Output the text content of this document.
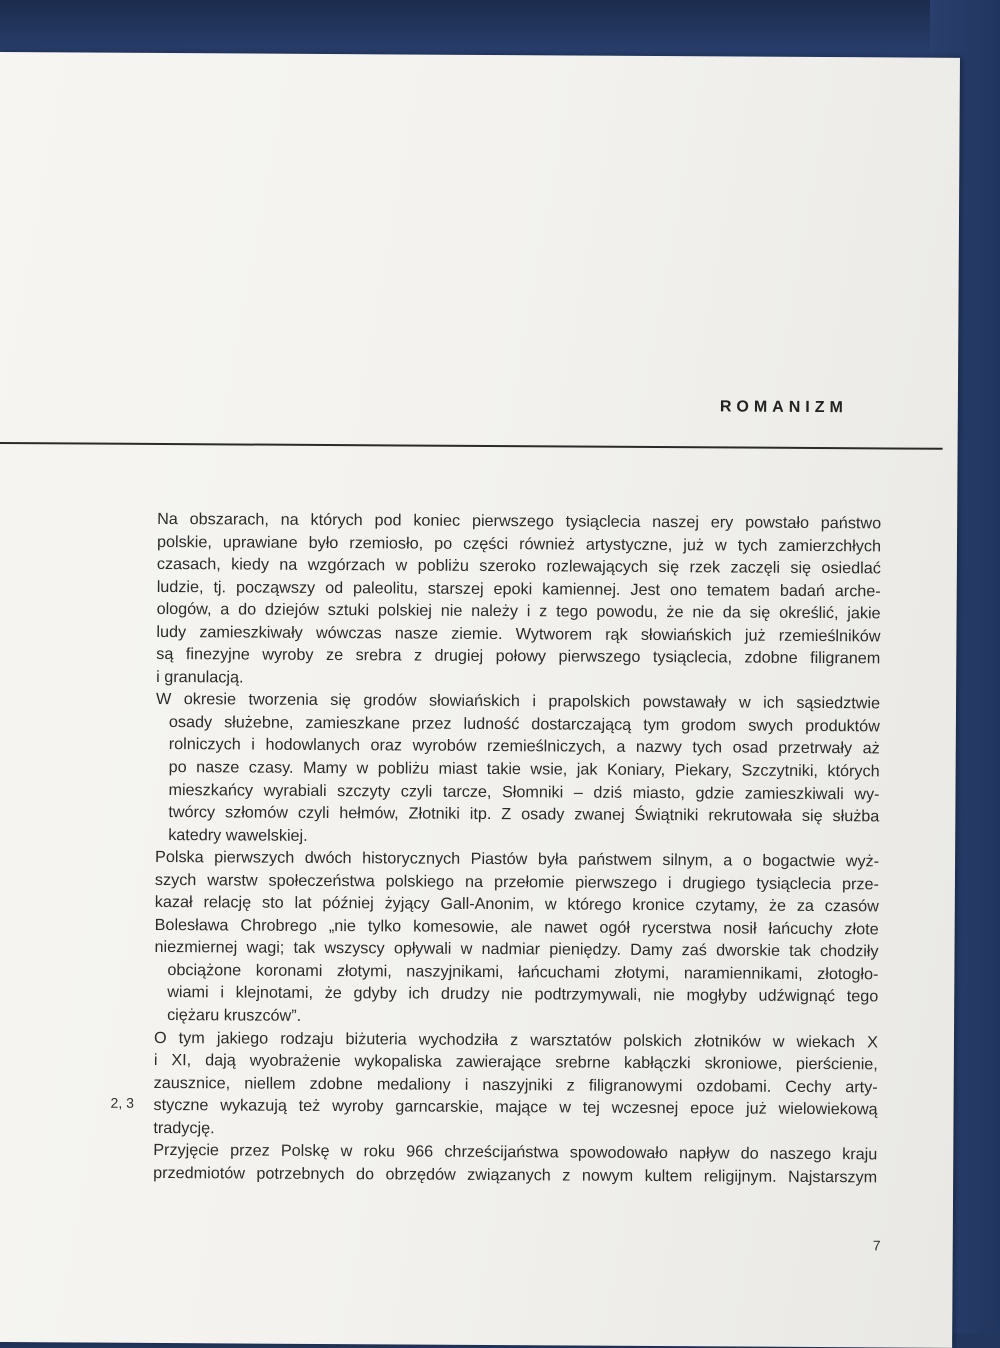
ROMANIZM
Na obszarach, na których pod koniec pierwszego tysiąclecia naszej ery powstało państwo
polskie, uprawiane było rzemiosło, po części również artystyczne, już w tych zamierzchłych
czasach, kiedy na wzgórzach w pobliżu szeroko rozlewających się rzek zaczęli się osiedlać
ludzie, tj. począwszy od paleolitu, starszej epoki kamiennej. Jest ono tematem badań arche-
ologów, a do dziejów sztuki polskiej nie należy i z tego powodu, że nie da się określić, jakie
ludy zamieszkiwały wówczas nasze ziemie. Wytworem rąk słowiańskich już rzemieślników
są finezyjne wyroby ze srebra z drugiej połowy pierwszego tysiąclecia, zdobne filigranem
i granulacją.
W okresie tworzenia się grodów słowiańskich i prapolskich powstawały w ich sąsiedztwie
osady służebne, zamieszkane przez ludność dostarczającą tym grodom swych produktów
rolniczych i hodowlanych oraz wyrobów rzemieślniczych, a nazwy tych osad przetrwały aż
po nasze czasy. Mamy w pobliżu miast takie wsie, jak Koniary, Piekary, Szczytniki, których
mieszkańcy wyrabiali szczyty czyli tarcze, Słomniki – dziś miasto, gdzie zamieszkiwali wy-
twórcy szłomów czyli hełmów, Złotniki itp. Z osady zwanej Świątniki rekrutowała się służba
katedry wawelskiej.
Polska pierwszych dwóch historycznych Piastów była państwem silnym, a o bogactwie wyż-
szych warstw społeczeństwa polskiego na przełomie pierwszego i drugiego tysiąclecia prze-
kazał relację sto lat później żyjący Gall-Anonim, w którego kronice czytamy, że za czasów
Bolesława Chrobrego „nie tylko komesowie, ale nawet ogół rycerstwa nosił łańcuchy złote
niezmiernej wagi; tak wszyscy opływali w nadmiar pieniędzy. Damy zaś dworskie tak chodziły
obciążone koronami złotymi, naszyjnikami, łańcuchami złotymi, naramiennikami, złotogło-
wiami i klejnotami, że gdyby ich drudzy nie podtrzymywali, nie mogłyby udźwignąć tego
ciężaru kruszców”.
O tym jakiego rodzaju biżuteria wychodziła z warsztatów polskich złotników w wiekach X
i XI, dają wyobrażenie wykopaliska zawierające srebrne kabłączki skroniowe, pierścienie,
zausznice, niellem zdobne medaliony i naszyjniki z filigranowymi ozdobami. Cechy arty-
styczne wykazują też wyroby garncarskie, mające w tej wczesnej epoce już wielowiekową
tradycję.
Przyjęcie przez Polskę w roku 966 chrześcijaństwa spowodowało napływ do naszego kraju
przedmiotów potrzebnych do obrzędów związanych z nowym kultem religijnym. Najstarszym
2, 3
7
by
